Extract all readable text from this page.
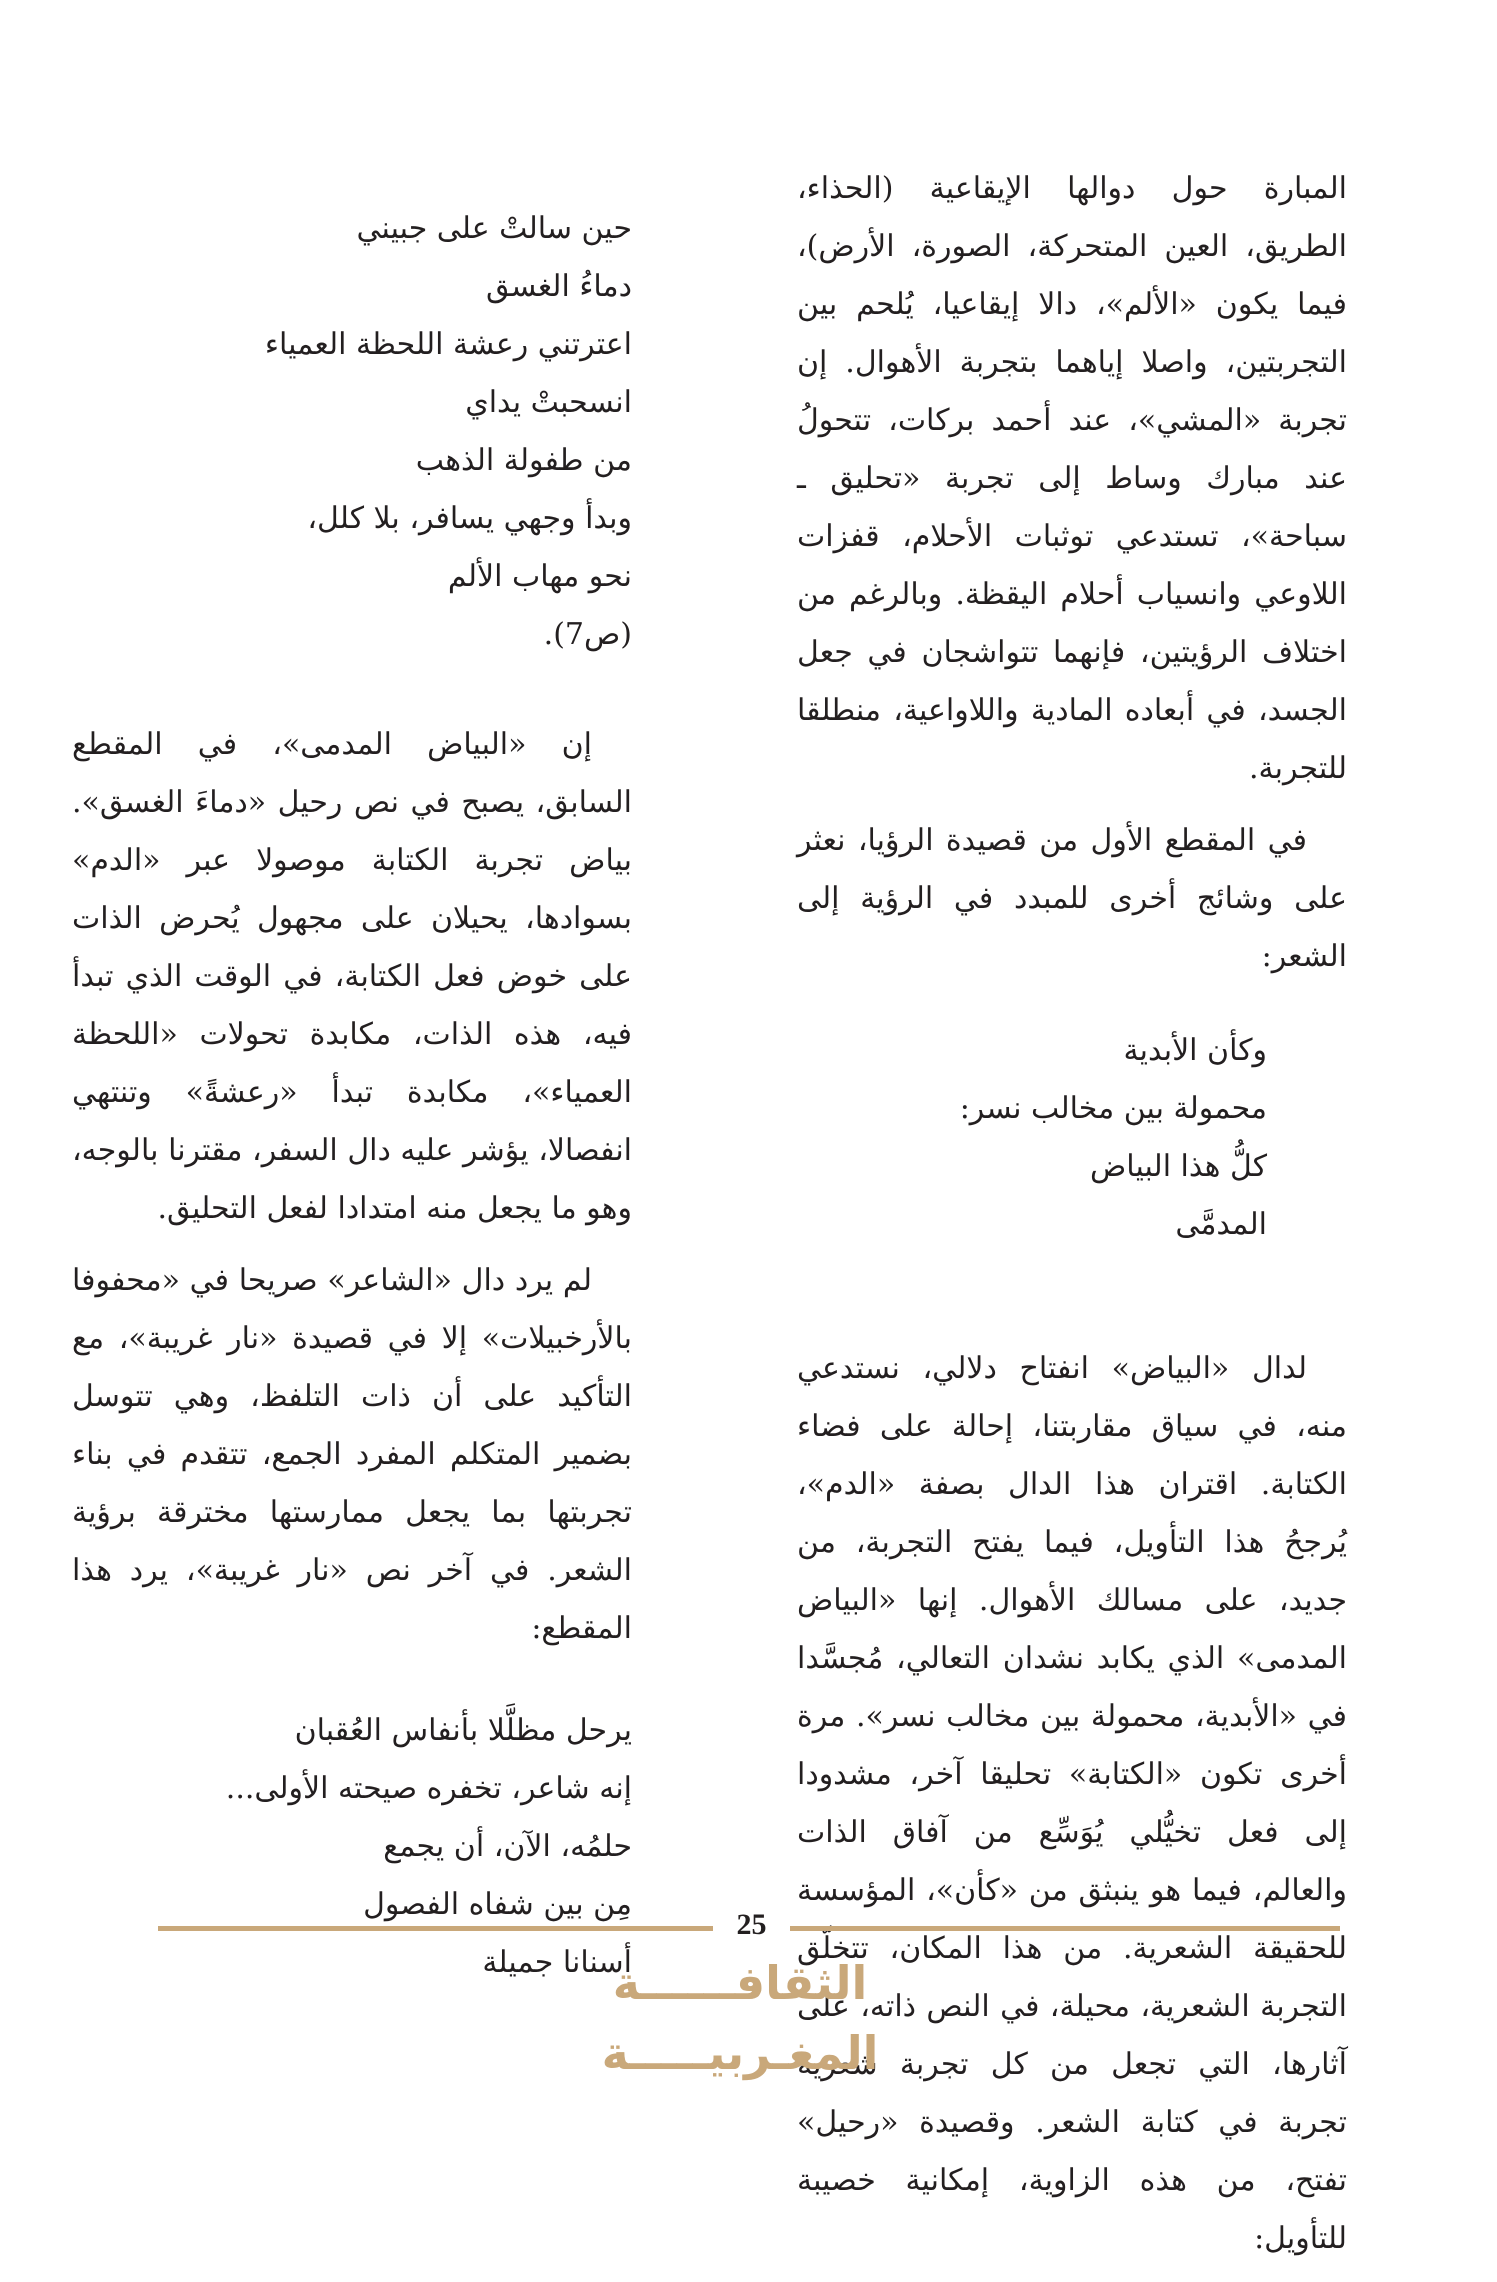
المبارة حول دوالها الإيقاعية (الحذاء، الطريق، العين المتحركة، الصورة، الأرض)، فيما يكون «الألم»، دالا إيقاعيا، يُلحم بين التجربتين، واصلا إياهما بتجربة الأهوال. إن تجربة «المشي»، عند أحمد بركات، تتحولُ عند مبارك وساط إلى تجربة «تحليق ـ سباحة»، تستدعي توثبات الأحلام، قفزات اللاوعي وانسياب أحلام اليقظة. وبالرغم من اختلاف الرؤيتين، فإنهما تتواشجان في جعل الجسد، في أبعاده المادية واللاواعية، منطلقا للتجربة.

في المقطع الأول من قصيدة الرؤيا، نعثر على وشائج أخرى للمبدد في الرؤية إلى الشعر:

وكأن الأبدية
محمولة بين مخالب نسر:
كلُّ هذا البياض
المدمَّى

لدال «البياض» انفتاح دلالي، نستدعي منه، في سياق مقاربتنا، إحالة على فضاء الكتابة. اقتران هذا الدال بصفة «الدم»، يُرجحُ هذا التأويل، فيما يفتح التجربة، من جديد، على مسالك الأهوال. إنها «البياض المدمى» الذي يكابد نشدان التعالي، مُجسَّدا في «الأبدية، محمولة بين مخالب نسر». مرة أخرى تكون «الكتابة» تحليقا آخر، مشدودا إلى فعل تخيُّلي يُوَسِّع من آفاق الذات والعالم، فيما هو ينبثق من «كأن»، المؤسسة للحقيقة الشعرية. من هذا المكان، تتخلّق التجربة الشعرية، محيلة، في النص ذاته، على آثارها، التي تجعل من كل تجربة شعرية تجربة في كتابة الشعر. وقصيدة «رحيل» تفتح، من هذه الزاوية، إمكانية خصيبة للتأويل:

حين سالتْ على جبيني
دماءُ الغسق
اعترتني رعشة اللحظة العمياء
انسحبتْ يداي
من طفولة الذهب
وبدأ وجهي يسافر، بلا كلل،
نحو مهاب الألم
(ص7).

إن «البياض المدمى»، في المقطع السابق، يصبح في نص رحيل «دماءَ الغسق». بياض تجربة الكتابة موصولا عبر «الدم» بسوادها، يحيلان على مجهول يُحرض الذات على خوض فعل الكتابة، في الوقت الذي تبدأ فيه، هذه الذات، مكابدة تحولات «اللحظة العمياء»، مكابدة تبدأ «رعشةً» وتنتهي انفصالا، يؤشر عليه دال السفر، مقترنا بالوجه، وهو ما يجعل منه امتدادا لفعل التحليق.

لم يرد دال «الشاعر» صريحا في «محفوفا بالأرخبيلات» إلا في قصيدة «نار غريبة»، مع التأكيد على أن ذات التلفظ، وهي تتوسل بضمير المتكلم المفرد الجمع، تتقدم في بناء تجربتها بما يجعل ممارستها مخترقة برؤية الشعر. في آخر نص «نار غريبة»، يرد هذا المقطع:

يرحل مظلَّلا بأنفاس العُقبان
إنه شاعر، تخفره صيحته الأولى...
حلمُه، الآن، أن يجمع
مِن بين شفاه الفصول
أسنانا جميلة
25
الثقافــــــة المغـربيـــــة
